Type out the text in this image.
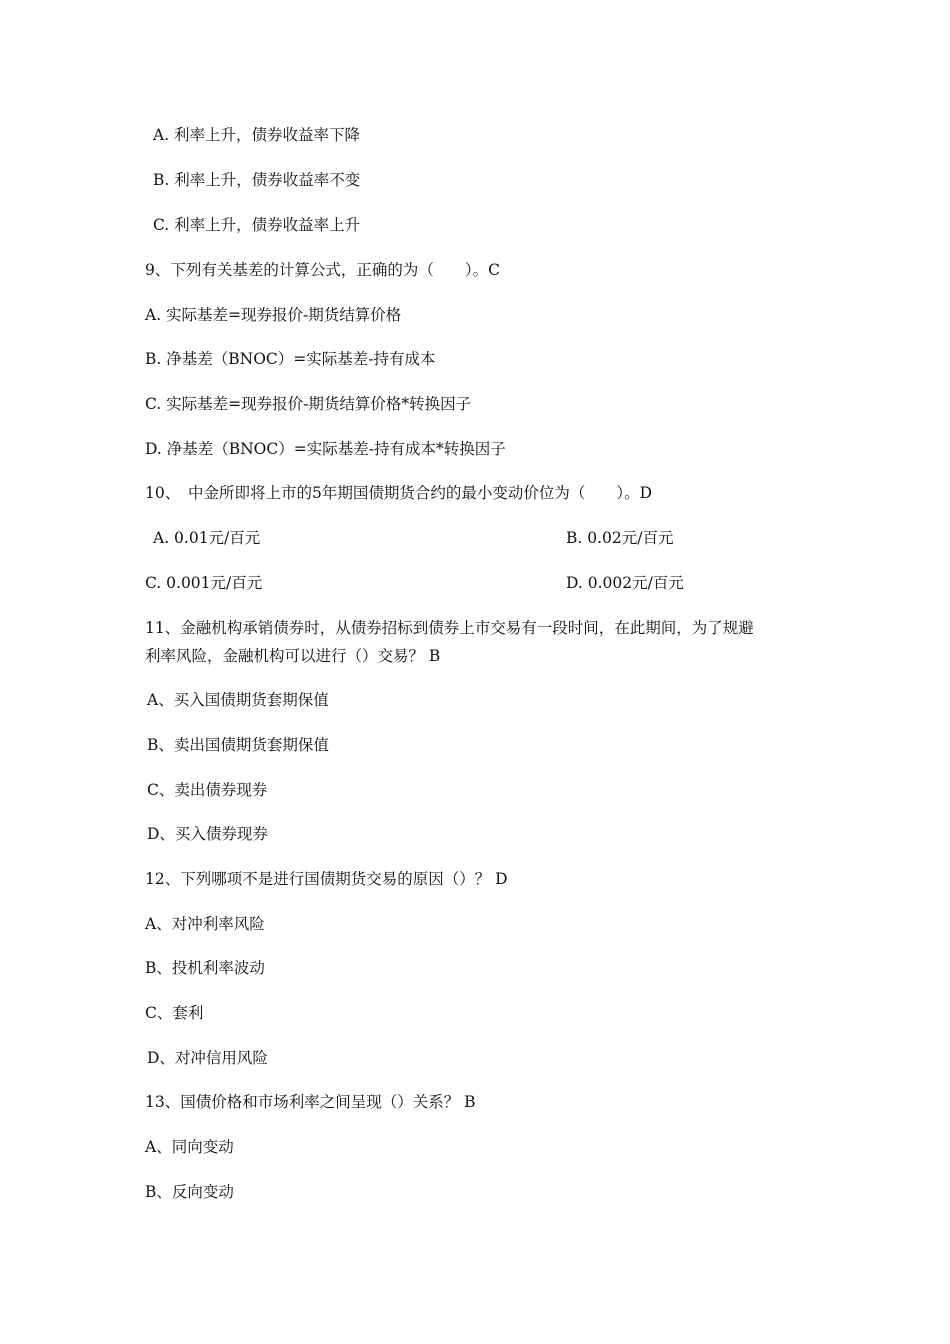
A. 利率上升，债券收益率下降
B. 利率上升，债券收益率不变
C. 利率上升，债券收益率上升
9、下列有关基差的计算公式，正确的为（　　）。C
A. 实际基差=现券报价-期货结算价格
B. 净基差（BNOC）=实际基差-持有成本
C. 实际基差=现券报价-期货结算价格*转换因子
D. 净基差（BNOC）=实际基差-持有成本*转换因子
10、　中金所即将上市的5年期国债期货合约的最小变动价位为（　　）。D
A. 0.01元/百元	B. 0.02元/百元
C. 0.001元/百元	D. 0.002元/百元
11、金融机构承销债券时，从债券招标到债券上市交易有一段时间，在此期间，为了规避
利率风险，金融机构可以进行（）交易？ B
A、买入国债期货套期保值
B、卖出国债期货套期保值
C、卖出债券现券
D、买入债券现券
12、下列哪项不是进行国债期货交易的原因（）？ D
A、对冲利率风险
B、投机利率波动
C、套利
D、对冲信用风险
13、国债价格和市场利率之间呈现（）关系？ B
A、同向变动
B、反向变动
